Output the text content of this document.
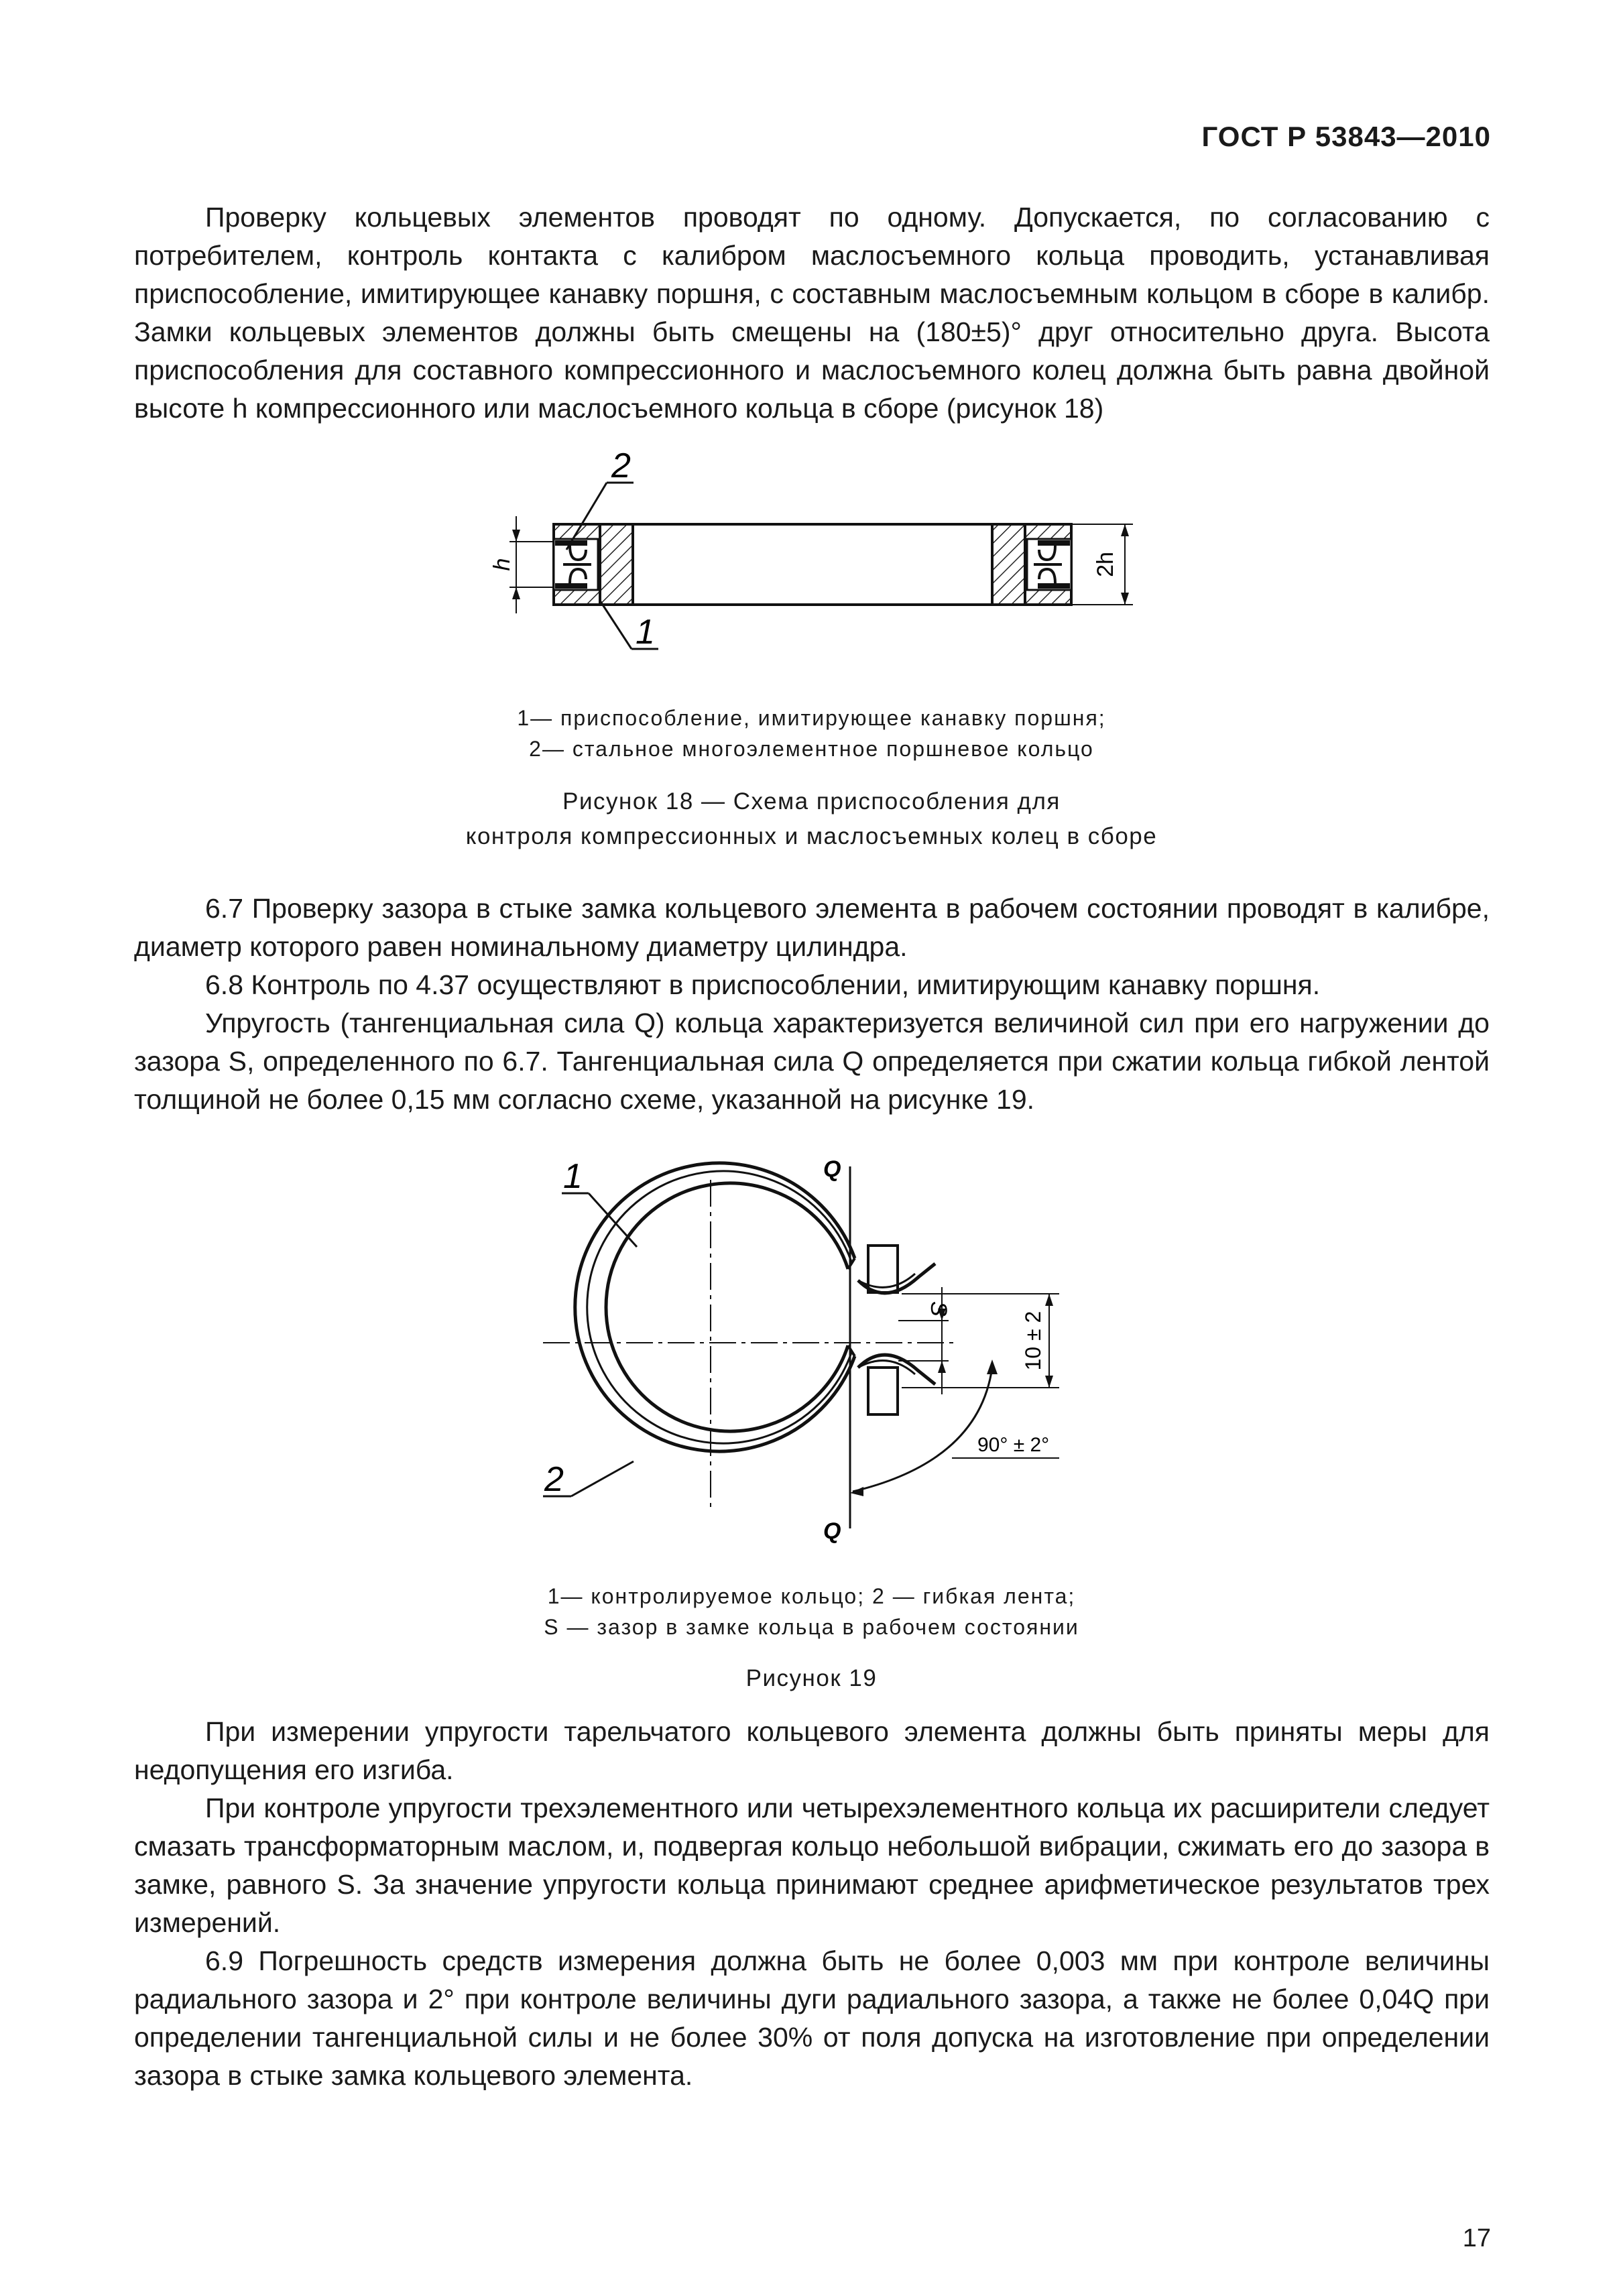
ГОСТ Р 53843—2010

Проверку кольцевых элементов проводят по одному. Допускается, по согласованию с потребителем, контроль контакта с калибром маслосъемного кольца проводить, устанавливая приспособление, имитирующее канавку поршня, с составным маслосъемным кольцом в сборе в калибр. Замки кольцевых элементов должны быть смещены на (180±5)° друг относительно друга. Высота приспособления для составного компрессионного и маслосъемного колец должна быть равна двойной высоте h компрессионного или маслосъемного кольца в сборе (рисунок 18)

h	2h
2
1
1— приспособление, имитирующее канавку поршня;
2— стальное многоэлементное поршневое кольцо
Рисунок 18 — Схема приспособления для
контроля компрессионных и маслосъемных колец в сборе

6.7 Проверку зазора в стыке замка кольцевого элемента в рабочем состоянии проводят в калибре, диаметр которого равен номинальному диаметру цилиндра.

6.8 Контроль по 4.37 осуществляют в приспособлении, имитирующим канавку поршня.

Упругость (тангенциальная сила Q) кольца характеризуется величиной сил при его нагружении до зазора S, определенного по 6.7. Тангенциальная сила Q определяется при сжатии кольца гибкой лентой толщиной не более 0,15 мм согласно схеме, указанной на рисунке 19.

S
10 ± 2
90° ± 2°
Q
Q
1
2
1— контролируемое кольцо; 2 — гибкая лента;
S — зазор в замке кольца в рабочем состоянии
Рисунок 19

При измерении упругости тарельчатого кольцевого элемента должны быть приняты меры для недопущения его изгиба.

При контроле упругости трехэлементного или четырехэлементного кольца их расширители следует смазать трансформаторным маслом, и, подвергая кольцо небольшой вибрации, сжимать его до зазора в замке, равного S. За значение упругости кольца принимают среднее арифметическое результатов трех измерений.

6.9 Погрешность средств измерения должна быть не более 0,003 мм при контроле величины радиального зазора и 2° при контроле величины дуги радиального зазора, а также не более 0,04Q при определении тангенциальной силы и не более 30% от поля допуска на изготовление при определении зазора в стыке замка кольцевого элемента.

17
